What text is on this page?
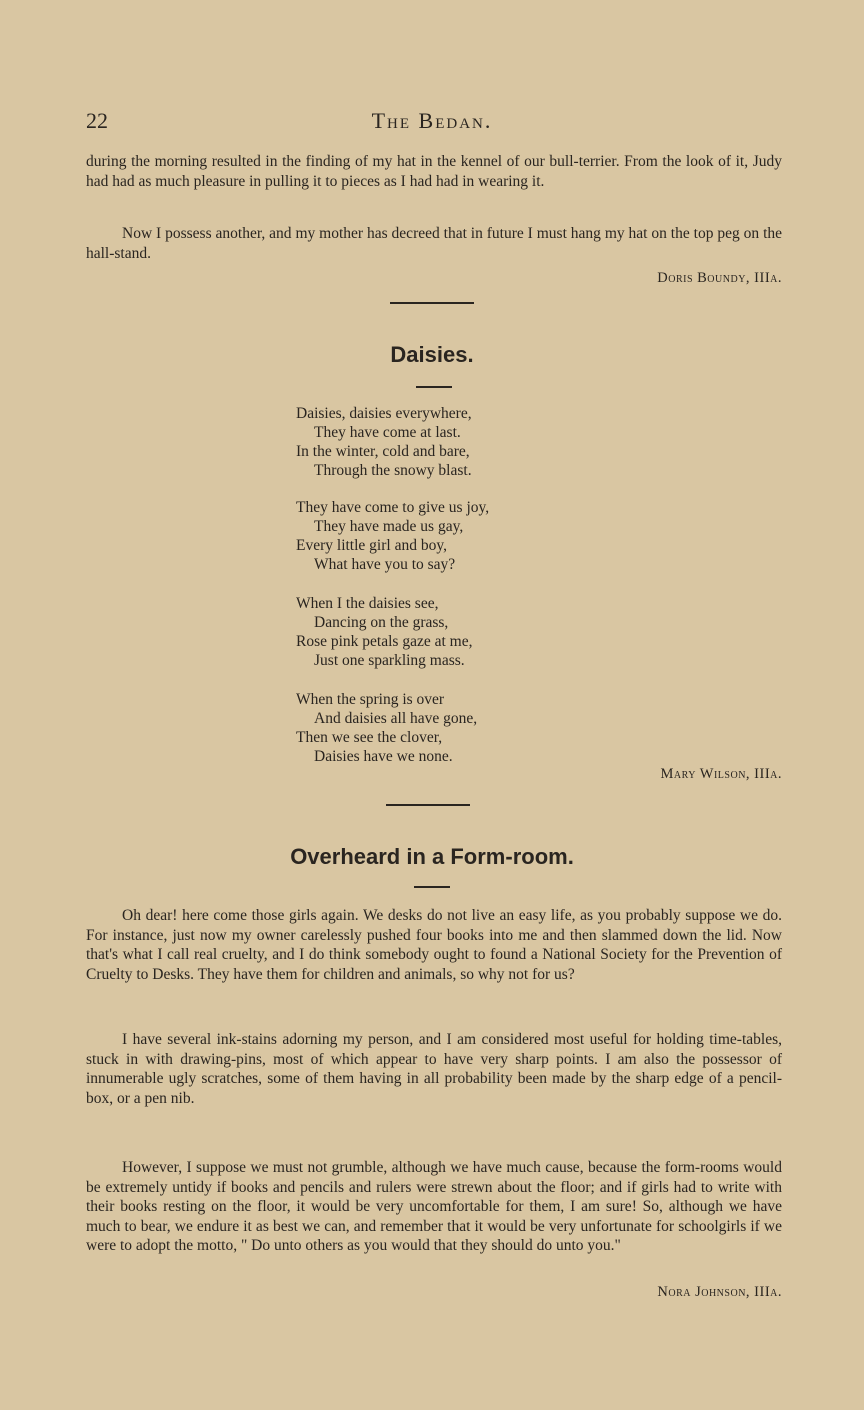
22	The Bedan.
during the morning resulted in the finding of my hat in the kennel of our bull-terrier. From the look of it, Judy had had as much pleasure in pulling it to pieces as I had had in wearing it.
Now I possess another, and my mother has decreed that in future I must hang my hat on the top peg on the hall-stand.
Doris Boundy, IIIa.
Daisies.
Daisies, daisies everywhere,
They have come at last.
In the winter, cold and bare,
Through the snowy blast.
They have come to give us joy,
They have made us gay,
Every little girl and boy,
What have you to say?
When I the daisies see,
Dancing on the grass,
Rose pink petals gaze at me,
Just one sparkling mass.
When the spring is over
And daisies all have gone,
Then we see the clover,
Daisies have we none.
Mary Wilson, IIIa.
Overheard in a Form-room.
Oh dear! here come those girls again. We desks do not live an easy life, as you probably suppose we do. For instance, just now my owner carelessly pushed four books into me and then slammed down the lid. Now that's what I call real cruelty, and I do think somebody ought to found a National Society for the Prevention of Cruelty to Desks. They have them for children and animals, so why not for us?
I have several ink-stains adorning my person, and I am considered most useful for holding time-tables, stuck in with drawing-pins, most of which appear to have very sharp points. I am also the possessor of innumerable ugly scratches, some of them having in all probability been made by the sharp edge of a pencil-box, or a pen nib.
However, I suppose we must not grumble, although we have much cause, because the form-rooms would be extremely untidy if books and pencils and rulers were strewn about the floor; and if girls had to write with their books resting on the floor, it would be very uncomfortable for them, I am sure! So, although we have much to bear, we endure it as best we can, and remember that it would be very unfortunate for schoolgirls if we were to adopt the motto, " Do unto others as you would that they should do unto you."
Nora Johnson, IIIa.
